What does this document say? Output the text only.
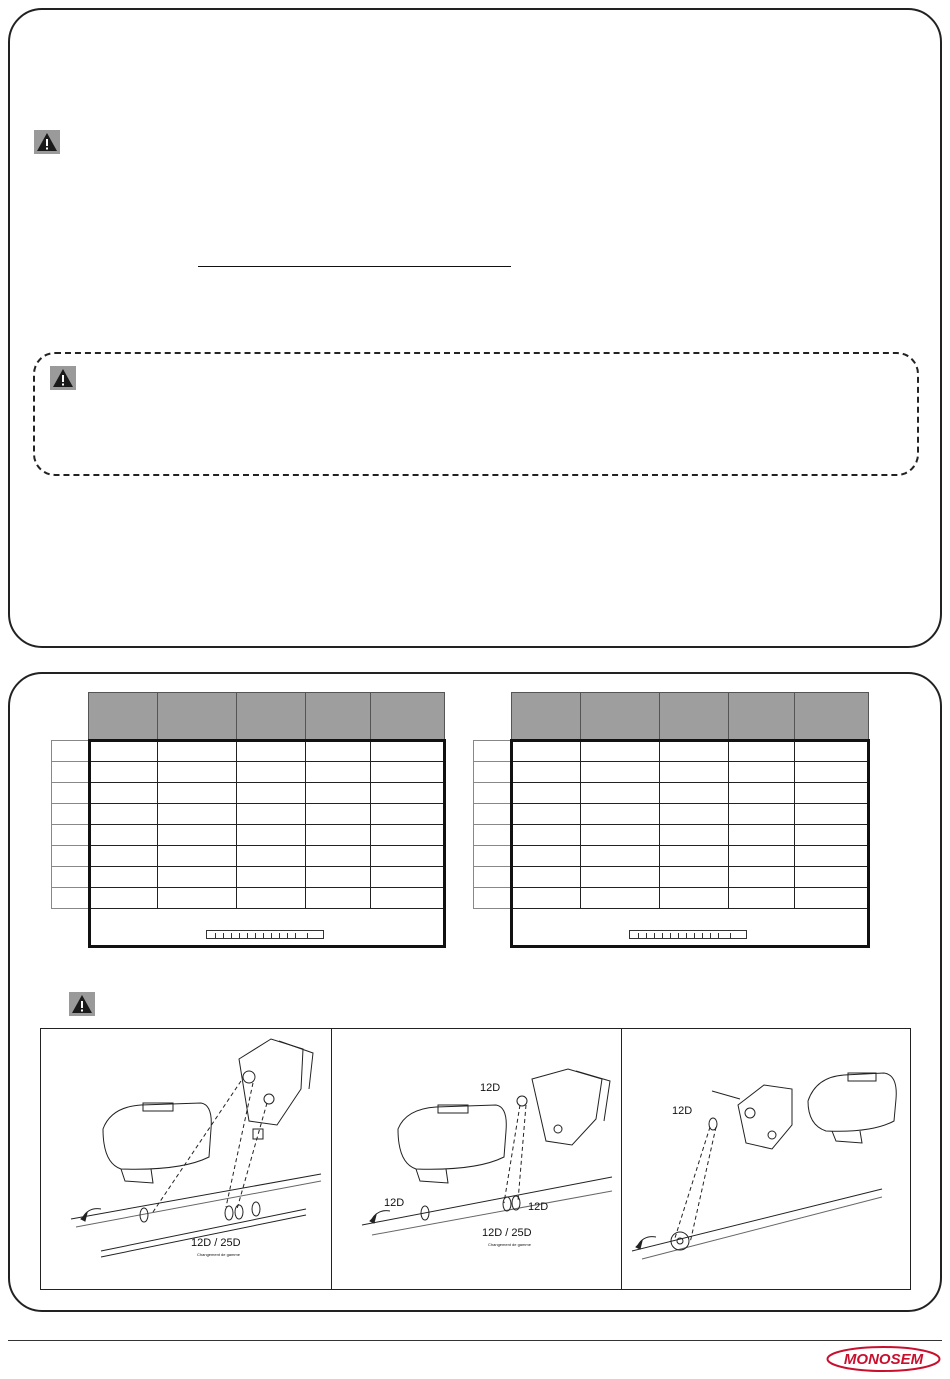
12D / 25D
Changement de gamme
12D
12D	12D
12D / 25D
Changement de gamme
12D
MONOSEM
